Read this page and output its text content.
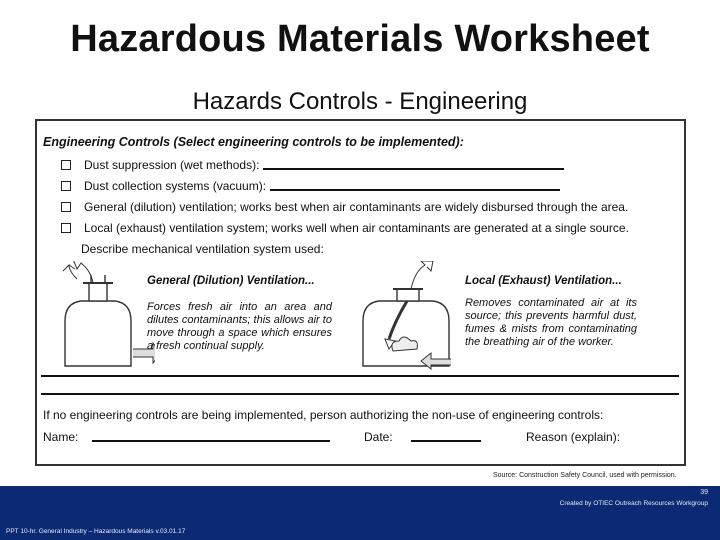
Hazardous Materials Worksheet
Hazards Controls - Engineering
Engineering Controls (Select engineering controls to be implemented):
Dust suppression (wet methods):
Dust collection systems (vacuum):
General (dilution) ventilation; works best when air contaminants are widely disbursed through the area.
Local (exhaust) ventilation system; works well when air contaminants are generated at a single source.
Describe mechanical ventilation system used:
General (Dilution) Ventilation...
Forces fresh air into an area and dilutes contaminants; this allows air to move through a space which ensures a fresh continual supply.
Local (Exhaust) Ventilation...
Removes contaminated air at its source; this prevents harmful dust, fumes & mists from contaminating the breathing air of the worker.
If no engineering controls are being implemented, person authorizing the non-use of engineering controls:
Name:	Date:	Reason (explain):
Source: Construction Safety Council, used with permission.
PPT 10-hr. General Industry – Hazardous Materials v.03.01.17
39
Created by OTIEC Outreach Resources Workgroup
